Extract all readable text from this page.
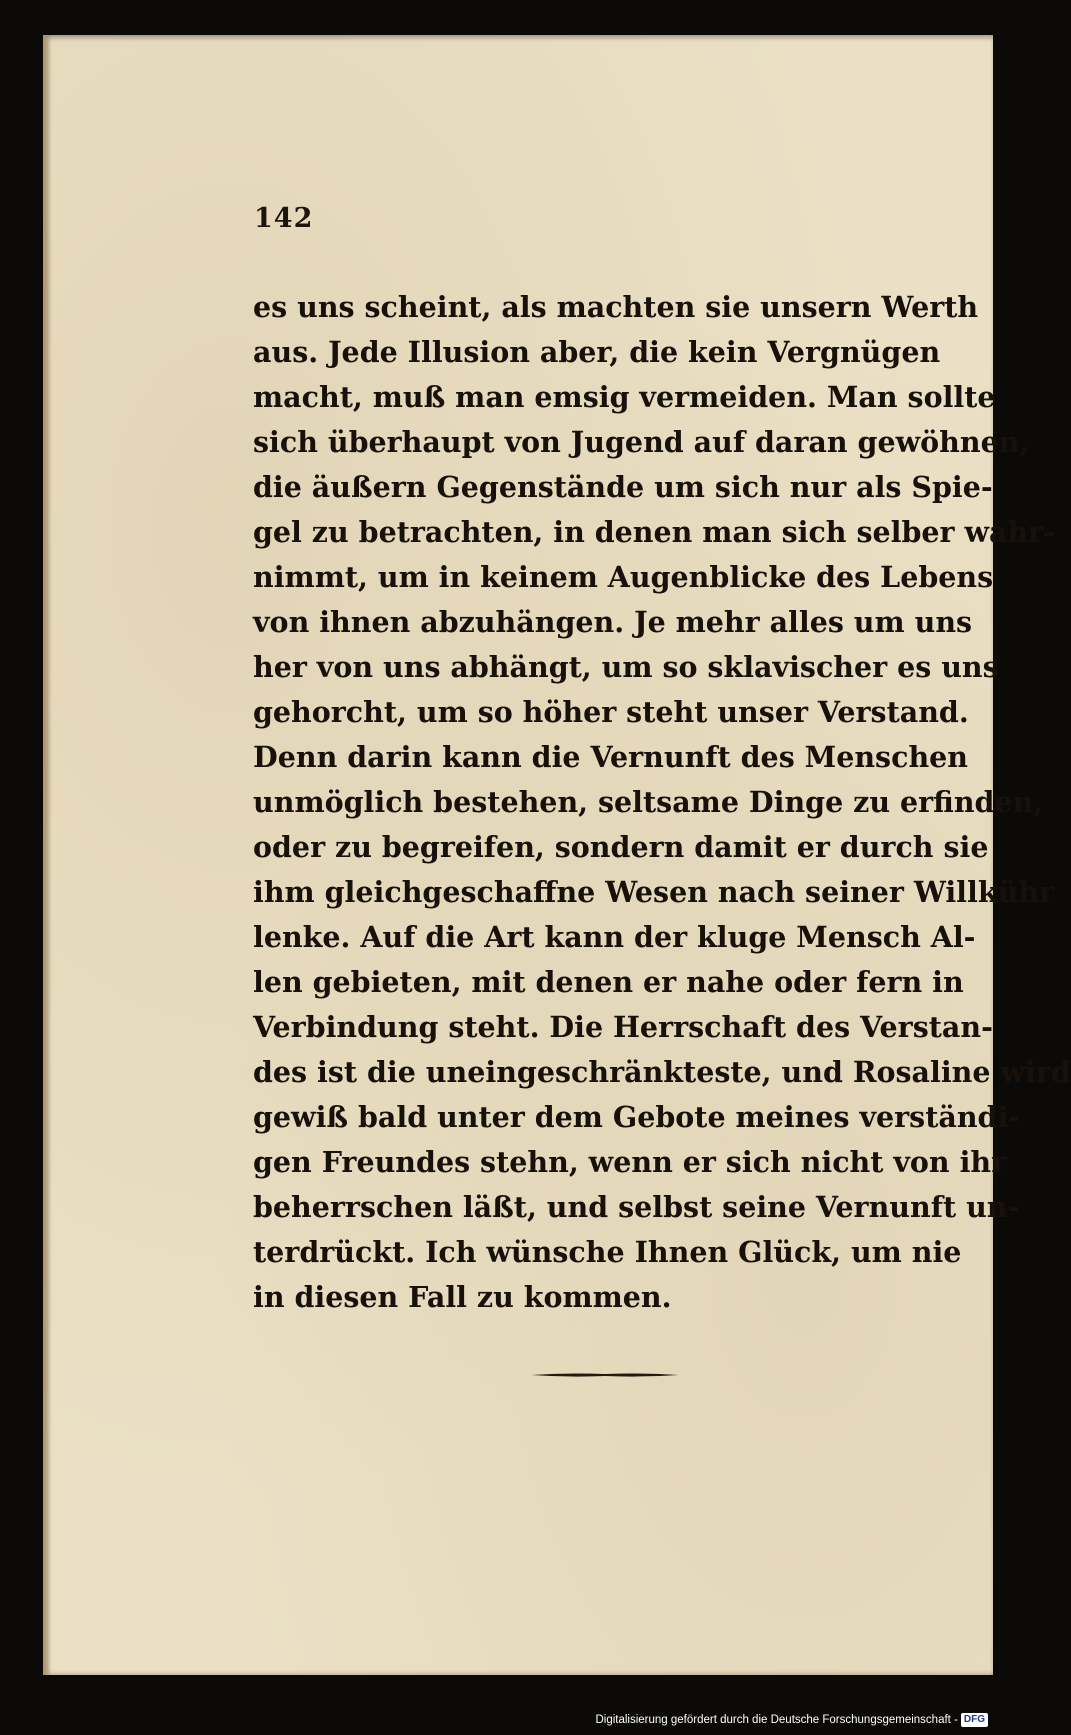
142
es uns scheint, als machten sie unsern Werth
aus. Jede Illusion aber, die kein Vergnügen
macht, muß man emsig vermeiden. Man sollte
sich überhaupt von Jugend auf daran gewöhnen,
die äußern Gegenstände um sich nur als Spie-
gel zu betrachten, in denen man sich selber wahr-
nimmt, um in keinem Augenblicke des Lebens
von ihnen abzuhängen. Je mehr alles um uns
her von uns abhängt, um so sklavischer es uns
gehorcht, um so höher steht unser Verstand.
Denn darin kann die Vernunft des Menschen
unmöglich bestehen, seltsame Dinge zu erfinden,
oder zu begreifen, sondern damit er durch sie
ihm gleichgeschaffne Wesen nach seiner Willkühr
lenke. Auf die Art kann der kluge Mensch Al-
len gebieten, mit denen er nahe oder fern in
Verbindung steht. Die Herrschaft des Verstan-
des ist die uneingeschränkteste, und Rosaline wird
gewiß bald unter dem Gebote meines verständi-
gen Freundes stehn, wenn er sich nicht von ihr
beherrschen läßt, und selbst seine Vernunft un-
terdrückt. Ich wünsche Ihnen Glück, um nie
in diesen Fall zu kommen.
Digitalisierung gefördert durch die Deutsche Forschungsgemeinschaft - DFG
